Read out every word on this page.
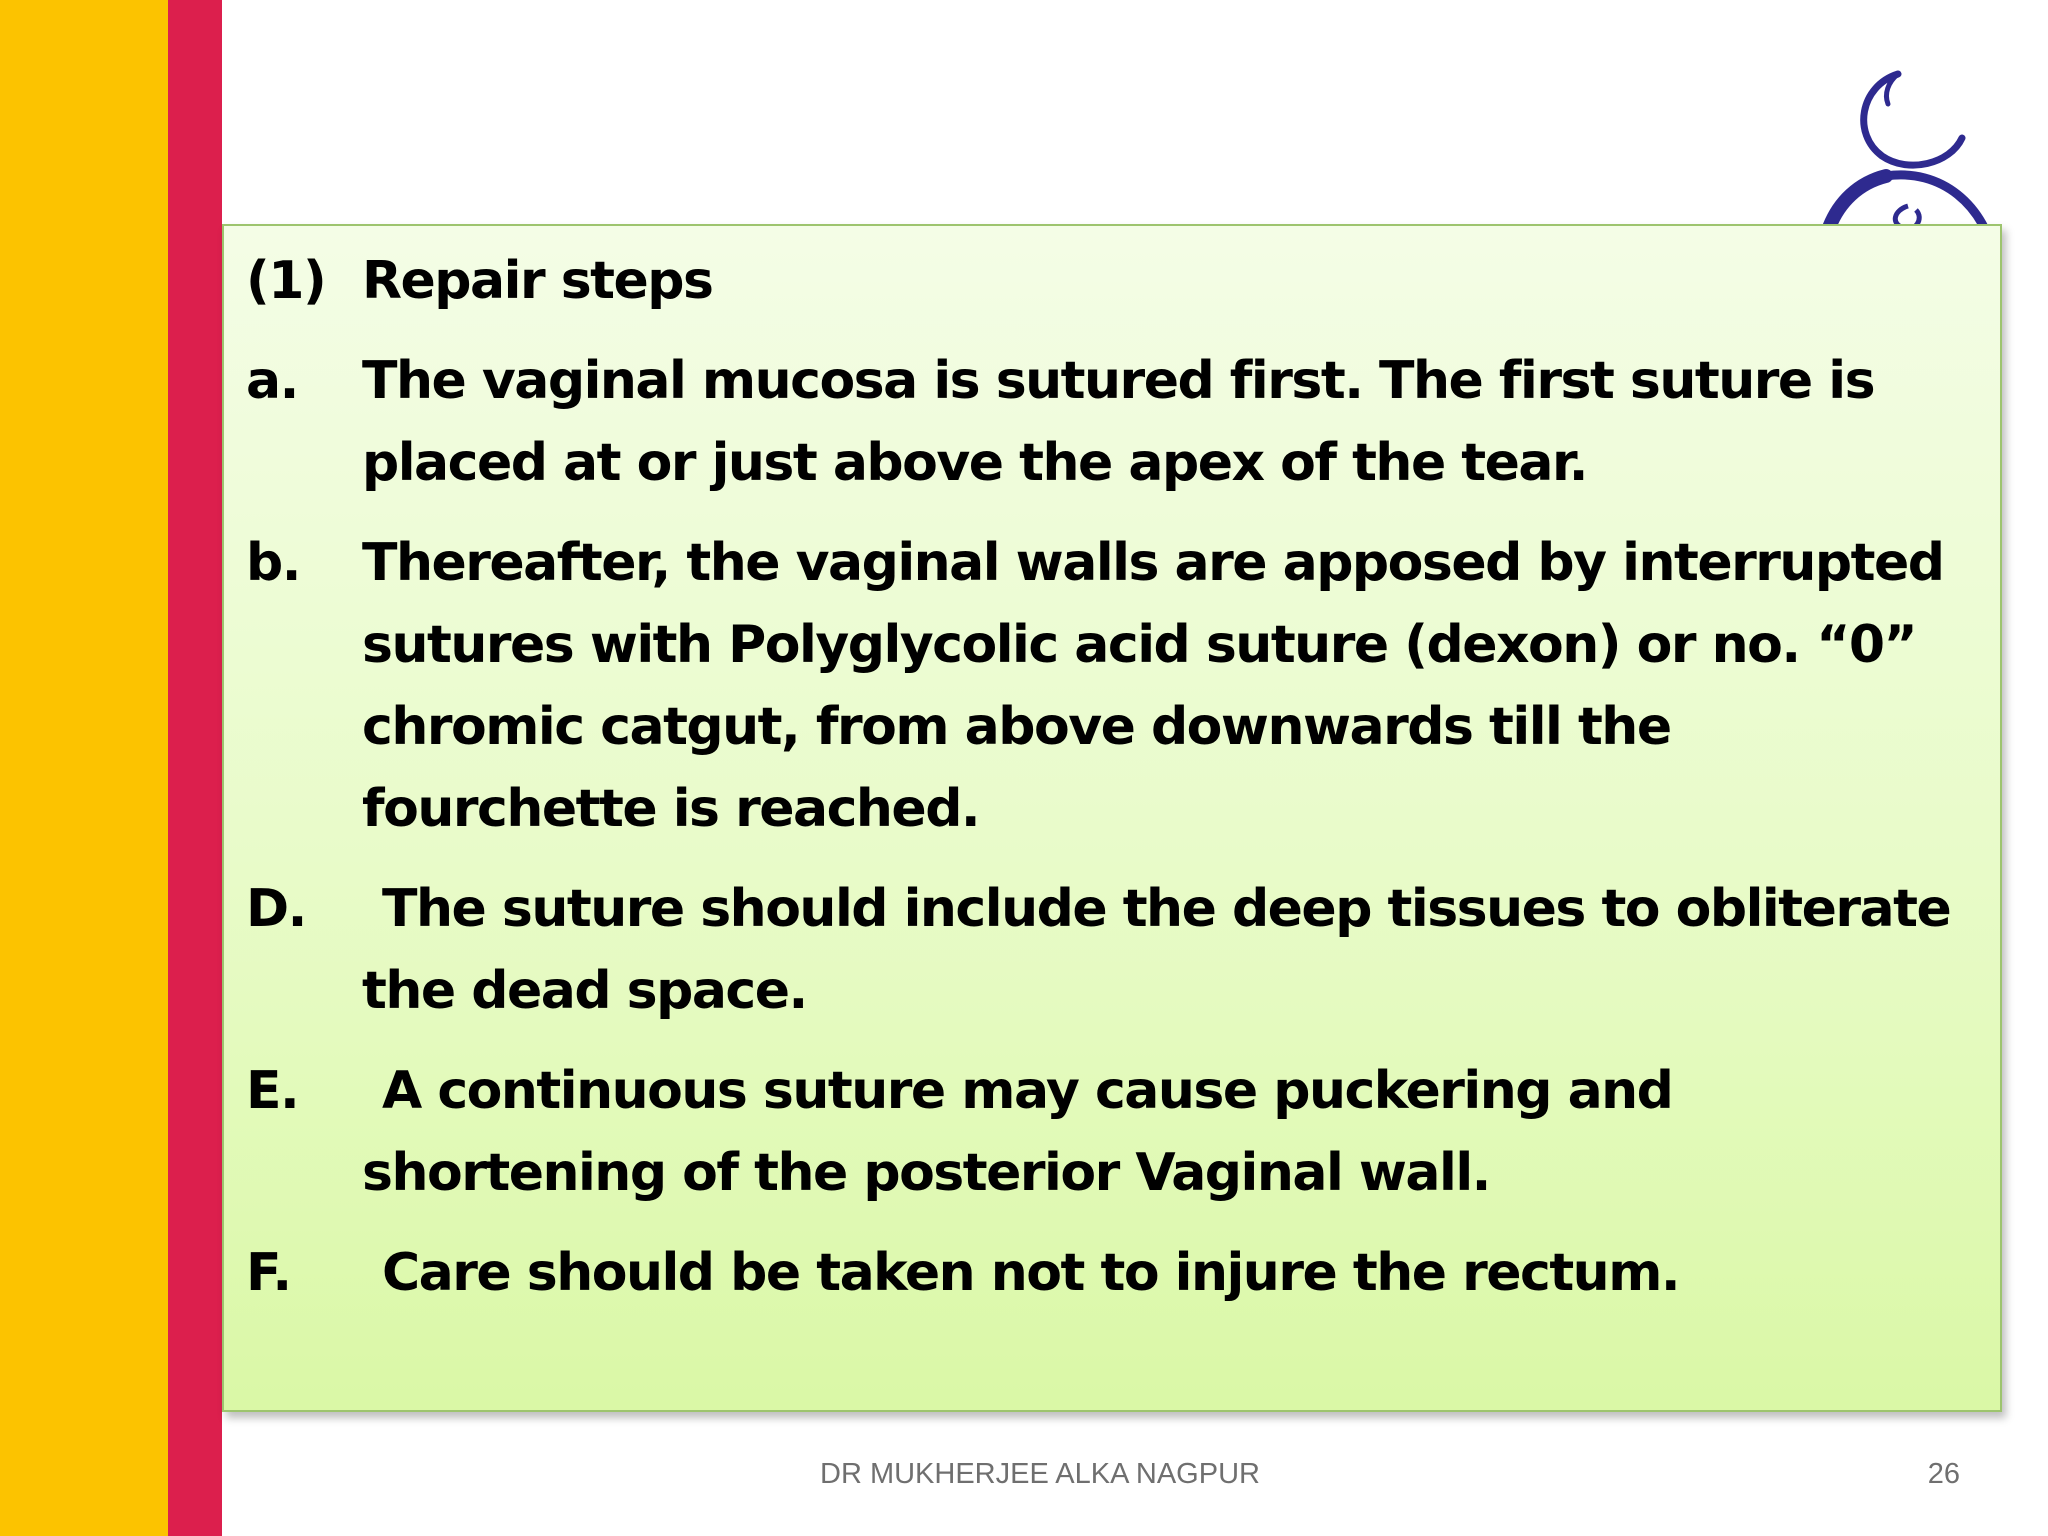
(1) Repair steps
a.	The vaginal mucosa is sutured first. The first suture is placed at or just above the apex of the tear.
b.	Thereafter, the vaginal walls are apposed by interrupted sutures with Polyglycolic acid suture (dexon) or no. “0” chromic catgut, from above downwards till the fourchette is reached.
D.	The suture should include the deep tissues to obliterate the dead space.
E.	A continuous suture may cause puckering and shortening of the posterior Vaginal wall.
F.	Care should be taken not to injure the rectum.
DR MUKHERJEE ALKA NAGPUR	26
